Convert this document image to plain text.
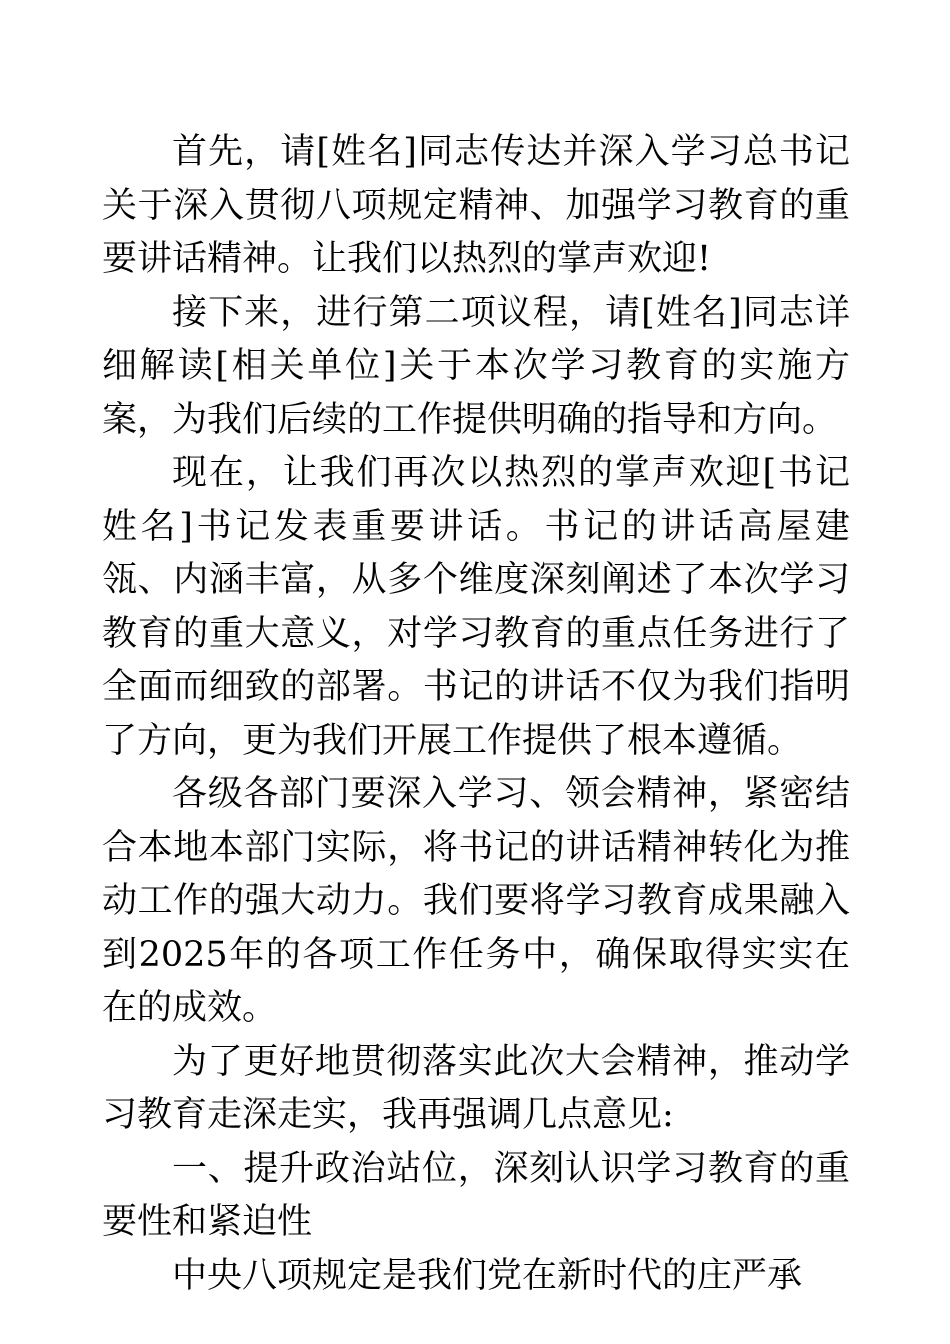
首先，请[姓名]同志传达并深入学习总书记关于深入贯彻八项规定精神、加强学习教育的重要讲话精神。让我们以热烈的掌声欢迎!

接下来，进行第二项议程，请[姓名]同志详细解读[相关单位]关于本次学习教育的实施方案，为我们后续的工作提供明确的指导和方向。

现在，让我们再次以热烈的掌声欢迎[书记姓名]书记发表重要讲话。书记的讲话高屋建瓴、内涵丰富，从多个维度深刻阐述了本次学习教育的重大意义，对学习教育的重点任务进行了全面而细致的部署。书记的讲话不仅为我们指明了方向，更为我们开展工作提供了根本遵循。

各级各部门要深入学习、领会精神，紧密结合本地本部门实际，将书记的讲话精神转化为推动工作的强大动力。我们要将学习教育成果融入到2025年的各项工作任务中，确保取得实实在在的成效。

为了更好地贯彻落实此次大会精神，推动学习教育走深走实，我再强调几点意见:

一、提升政治站位，深刻认识学习教育的重要性和紧迫性

中央八项规定是我们党在新时代的庄严承
